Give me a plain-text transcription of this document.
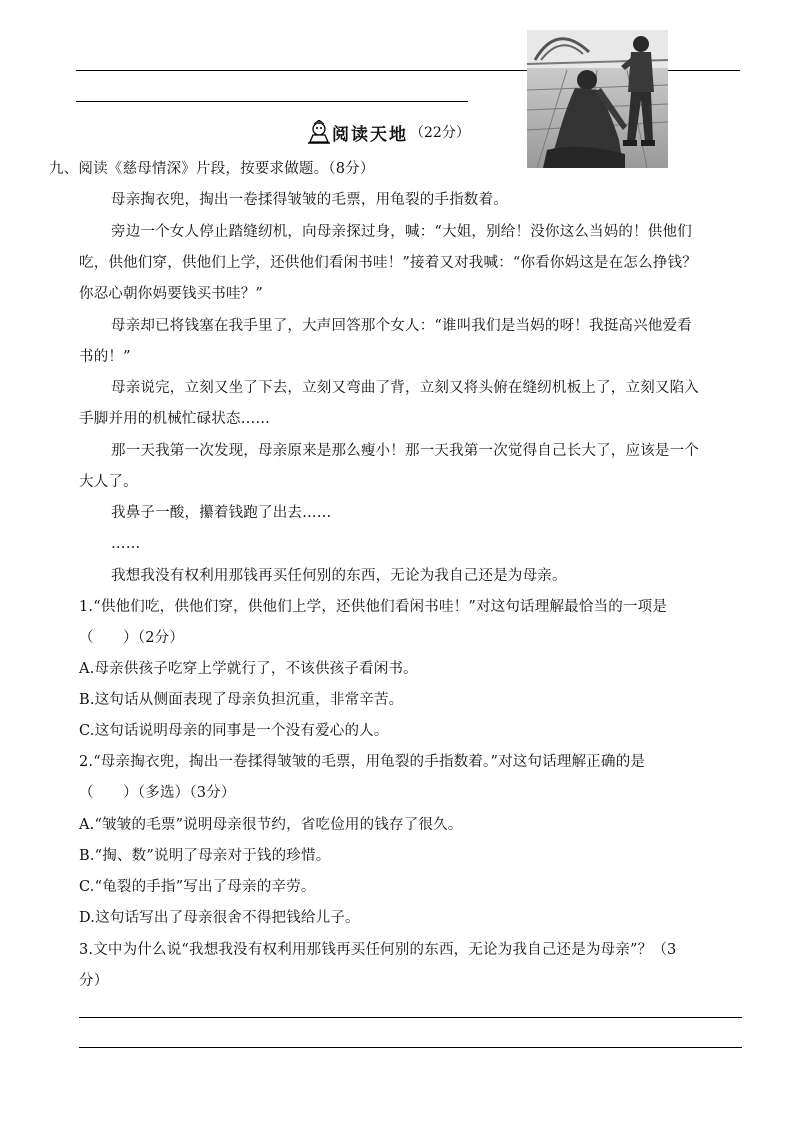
阅读天地 （22分）
九、阅读《慈母情深》片段，按要求做题。（8分）
母亲掏衣兜，掏出一卷揉得皱皱的毛票，用龟裂的手指数着。
旁边一个女人停止踏缝纫机，向母亲探过身，喊：“大姐，别给！没你这么当妈的！供他们
吃，供他们穿，供他们上学，还供他们看闲书哇！”接着又对我喊：“你看你妈这是在怎么挣钱？
你忍心朝你妈要钱买书哇？”
母亲却已将钱塞在我手里了，大声回答那个女人：“谁叫我们是当妈的呀！我挺高兴他爱看
书的！”
母亲说完，立刻又坐了下去，立刻又弯曲了背，立刻又将头俯在缝纫机板上了，立刻又陷入
手脚并用的机械忙碌状态……
那一天我第一次发现，母亲原来是那么瘦小！那一天我第一次觉得自己长大了，应该是一个
大人了。
我鼻子一酸，攥着钱跑了出去……
……
我想我没有权利用那钱再买任何别的东西，无论为我自己还是为母亲。
1.“供他们吃，供他们穿，供他们上学，还供他们看闲书哇！”对这句话理解最恰当的一项是
（　　）（2分）
A.母亲供孩子吃穿上学就行了，不该供孩子看闲书。
B.这句话从侧面表现了母亲负担沉重，非常辛苦。
C.这句话说明母亲的同事是一个没有爱心的人。
2.“母亲掏衣兜，掏出一卷揉得皱皱的毛票，用龟裂的手指数着。”对这句话理解正确的是
（　　）（多选）（3分）
A.“皱皱的毛票”说明母亲很节约，省吃俭用的钱存了很久。
B.“掏、数”说明了母亲对于钱的珍惜。
C.“龟裂的手指”写出了母亲的辛劳。
D.这句话写出了母亲很舍不得把钱给儿子。
3.文中为什么说“我想我没有权利用那钱再买任何别的东西，无论为我自己还是为母亲”？（3
分）
